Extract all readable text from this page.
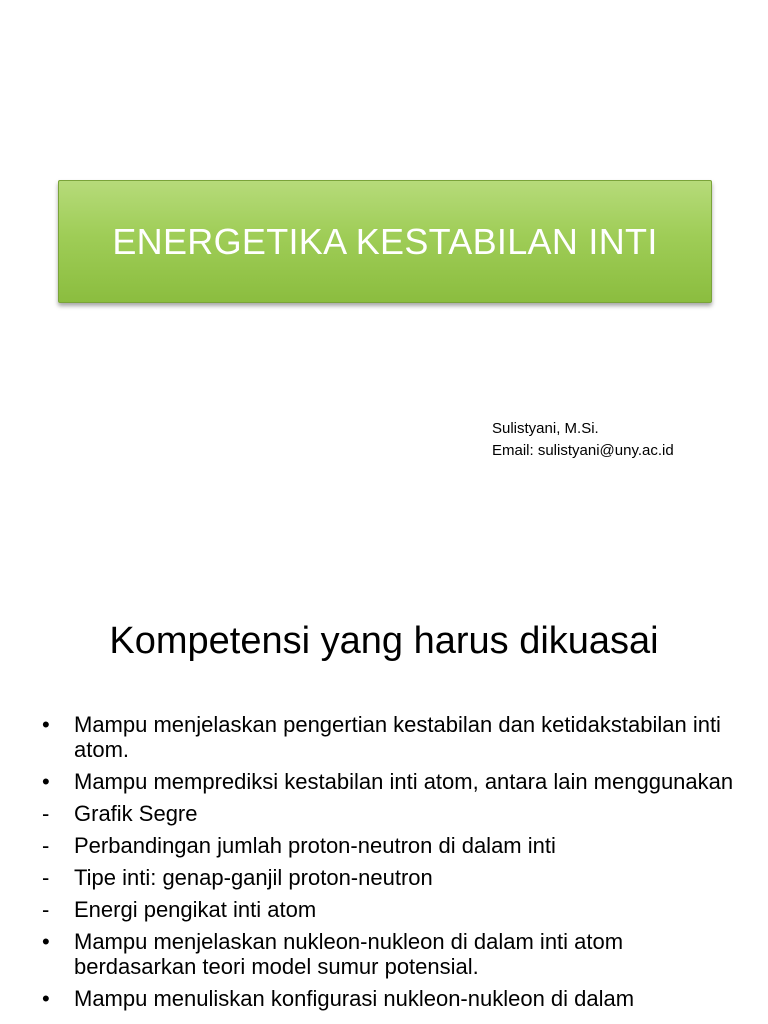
ENERGETIKA KESTABILAN INTI
Sulistyani, M.Si.
Email: sulistyani@uny.ac.id
Kompetensi yang harus dikuasai
•	Mampu menjelaskan pengertian kestabilan dan ketidakstabilan inti atom.
•	Mampu memprediksi kestabilan inti atom, antara lain menggunakan
-	Grafik Segre
-	Perbandingan jumlah proton-neutron di dalam inti
-	Tipe inti: genap-ganjil proton-neutron
-	Energi pengikat inti atom
•	Mampu menjelaskan nukleon-nukleon di dalam inti atom berdasarkan teori model sumur potensial.
•	Mampu menuliskan konfigurasi nukleon-nukleon di dalam
